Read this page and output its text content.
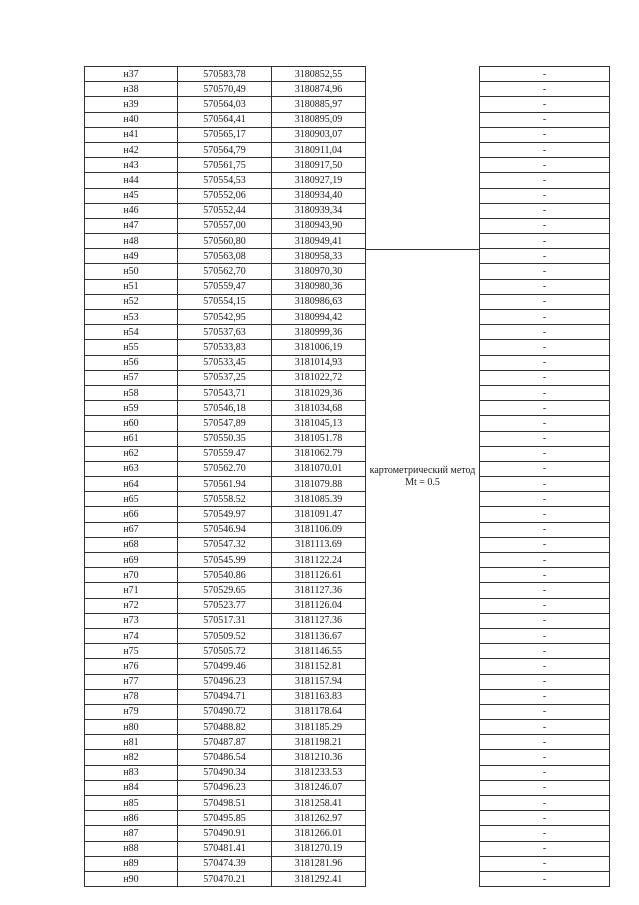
н37	570583,78	3180852,55	картометрический метод Mt = 0.5	-
н38	570570,49	3180874,96		-
н39	570564,03	3180885,97		-
н40	570564,41	3180895,09		-
н41	570565,17	3180903,07		-
н42	570564,79	3180911,04		-
н43	570561,75	3180917,50		-
н44	570554,53	3180927,19		-
н45	570552,06	3180934,40		-
н46	570552,44	3180939,34		-
н47	570557,00	3180943,90		-
н48	570560,80	3180949,41		-
н49	570563,08	3180958,33		-
н50	570562,70	3180970,30		-
н51	570559,47	3180980,36		-
н52	570554,15	3180986,63		-
н53	570542,95	3180994,42		-
н54	570537,63	3180999,36		-
н55	570533,83	3181006,19		-
н56	570533,45	3181014,93		-
н57	570537,25	3181022,72		-
н58	570543,71	3181029,36		-
н59	570546,18	3181034,68		-
н60	570547,89	3181045,13		-
н61	570550.35	3181051.78		-
н62	570559.47	3181062.79		-
н63	570562.70	3181070.01		-
н64	570561.94	3181079.88		-
н65	570558.52	3181085.39		-
н66	570549.97	3181091.47		-
н67	570546.94	3181106.09		-
н68	570547.32	3181113.69		-
н69	570545.99	3181122.24		-
н70	570540.86	3181126.61		-
н71	570529.65	3181127.36		-
н72	570523.77	3181126.04		-
н73	570517.31	3181127.36		-
н74	570509.52	3181136.67		-
н75	570505.72	3181146.55		-
н76	570499.46	3181152.81		-
н77	570496.23	3181157.94		-
н78	570494.71	3181163.83		-
н79	570490.72	3181178.64		-
н80	570488.82	3181185.29		-
н81	570487.87	3181198.21		-
н82	570486.54	3181210.36		-
н83	570490.34	3181233.53		-
н84	570496.23	3181246.07		-
н85	570498.51	3181258.41		-
н86	570495.85	3181262.97		-
н87	570490.91	3181266.01		-
н88	570481.41	3181270.19		-
н89	570474.39	3181281.96		-
н90	570470.21	3181292.41		-
